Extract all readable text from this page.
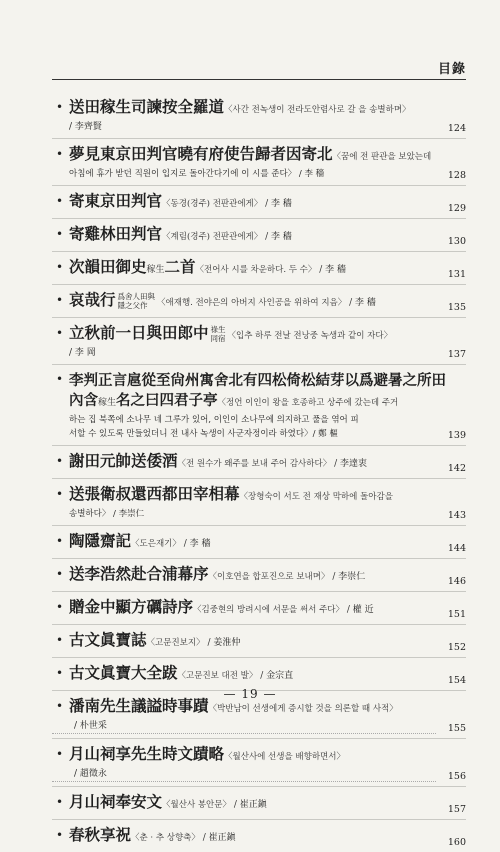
目錄
• 送田稼生司諫按全羅道〈사간 전녹생이 전라도안렴사로 갈 을 송별하며〉
/ 李齊賢	124
• 夢見東京田判官曉有府使告歸者因寄北〈꿈에 전 판관을 보았는데
아침에 휴가 받던 직원이 입지로 돌아간다기에 이 시를 준다〉 / 李 穡	128
• 寄東京田判官〈동경(경주) 전판관에게〉 / 李 穡	129
• 寄雞林田判官〈계림(경주) 전판관에게〉 / 李 穡	130
• 次韻田御史稼生二首〈전어사 시를 차운하다. 두 수〉 / 李 穡	131
• 哀哉行 爲舍人田與
隱之父作 〈애재행. 전야은의 아버지 사인공을 위하여 지음〉 / 李 穡	135
• 立秋前一日與田郎中 祿生
同宿 〈입추 하루 전날 전낭중 녹생과 같이 자다〉
/ 李 岡	137
• 李判正言扈從至尙州寓舍北有四松倚松結芽以爲避暑之所田
內含稼生名之曰四君子亭〈정언 이인이 왕을 호종하고 상주에 갔는데 주거
하는 집 북쪽에 소나무 네 그루가 있어, 이인이 소나무에 의지하고 풀을 엮어 피
서할 수 있도록 만들었더니 전 내사 녹생이 사군자정이라 하였다〉/ 鄭 樞	139
• 謝田元帥送倭酒〈전 원수가 왜주를 보내 주어 감사하다〉 / 李達衷	142
• 送張衛叔還西都田宰相幕〈장형숙이 서도 전 재상 막하에 돌아감을
송별하다〉 / 李崇仁	143
• 陶隱齋記〈도은재기〉 / 李 穡	144
• 送李浩然赴合浦幕序〈이호연을 합포진으로 보내며〉 / 李崇仁	146
• 贈金中顯方礪詩序〈김중현의 방려시에 서문을 써서 주다〉 / 權 近	151
• 古文眞寶誌〈고문진보지〉 / 姜淮仲	152
• 古文眞寶大全跋〈고문진보 대전 발〉 / 金宗直	154
• 潘南先生議謚時事蹟〈박반남이 선생에게 증시할 것을 의론할 때 사적〉
/ 朴世采	155
• 月山祠享先生時文蹟略〈월산사에 선생을 배향하면서〉
/ 趙徵永	156
• 月山祠奉安文〈월산사 봉안문〉 / 崔正鎭	157
• 春秋享祝〈춘 · 추 상향축〉 / 崔正鎭	160
— 19 —
